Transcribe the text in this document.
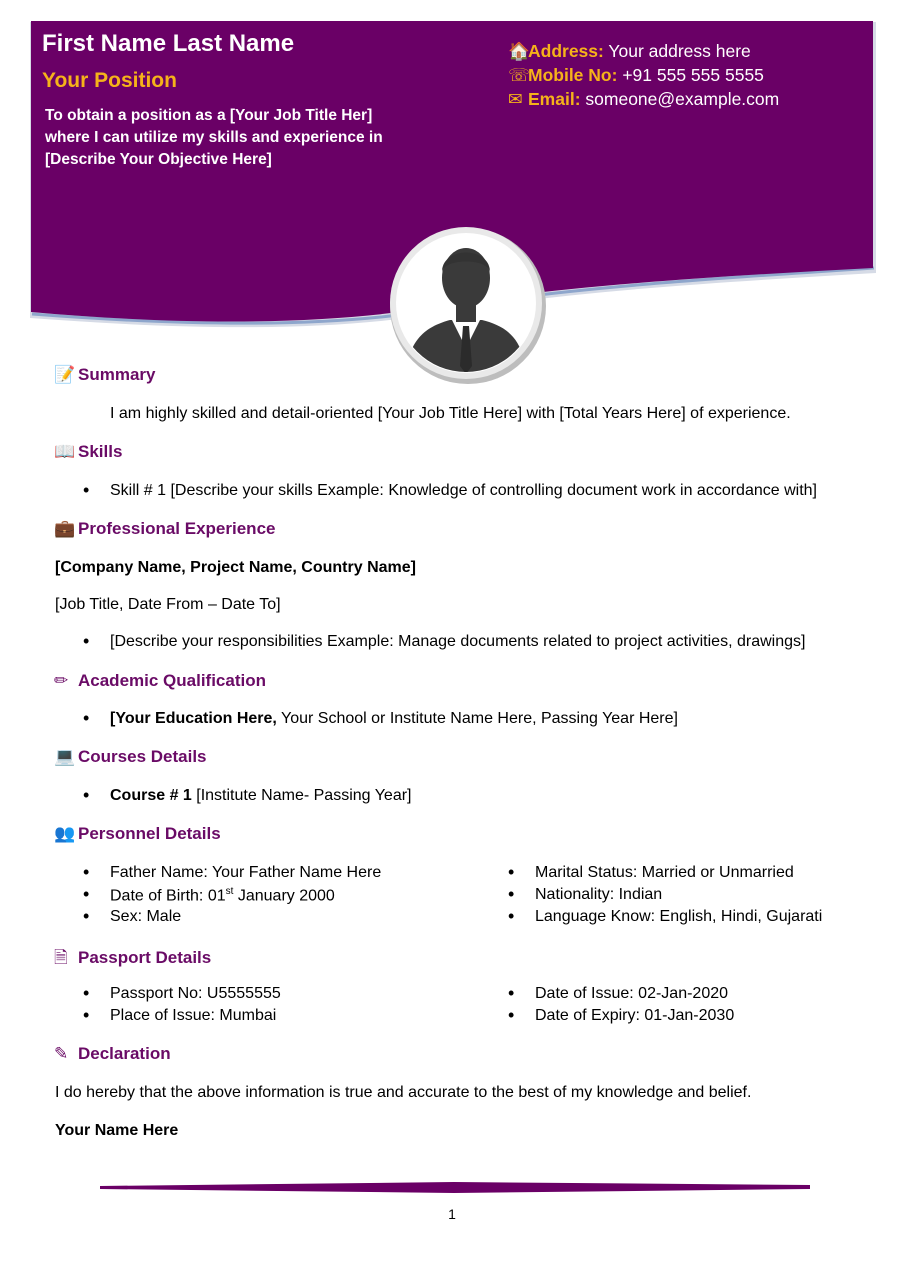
First Name Last Name
Your Position
To obtain a position as a [Your Job Title Her] where I can utilize my skills and experience in [Describe Your Objective Here]
🏠Address: Your address here
☏Mobile No: +91 555 555 5555
✉ Email: someone@example.com
📝 Summary
I am highly skilled and detail-oriented [Your Job Title Here] with [Total Years Here] of experience.
📖 Skills
• Skill # 1 [Describe your skills Example: Knowledge of controlling document work in accordance with]
💼 Professional Experience
[Company Name, Project Name, Country Name]
[Job Title, Date From – Date To]
• [Describe your responsibilities Example: Manage documents related to project activities, drawings]
✏ Academic Qualification
• [Your Education Here, Your School or Institute Name Here, Passing Year Here]
💻 Courses Details
• Course # 1 [Institute Name- Passing Year]
👥 Personnel Details
• Father Name: Your Father Name Here
• Date of Birth: 01st January 2000
• Sex: Male
• Marital Status: Married or Unmarried
• Nationality: Indian
• Language Know: English, Hindi, Gujarati
🗎 Passport Details
• Passport No: U5555555
• Place of Issue: Mumbai
• Date of Issue: 02-Jan-2020
• Date of Expiry: 01-Jan-2030
✎ Declaration
I do hereby that the above information is true and accurate to the best of my knowledge and belief.
Your Name Here
1
